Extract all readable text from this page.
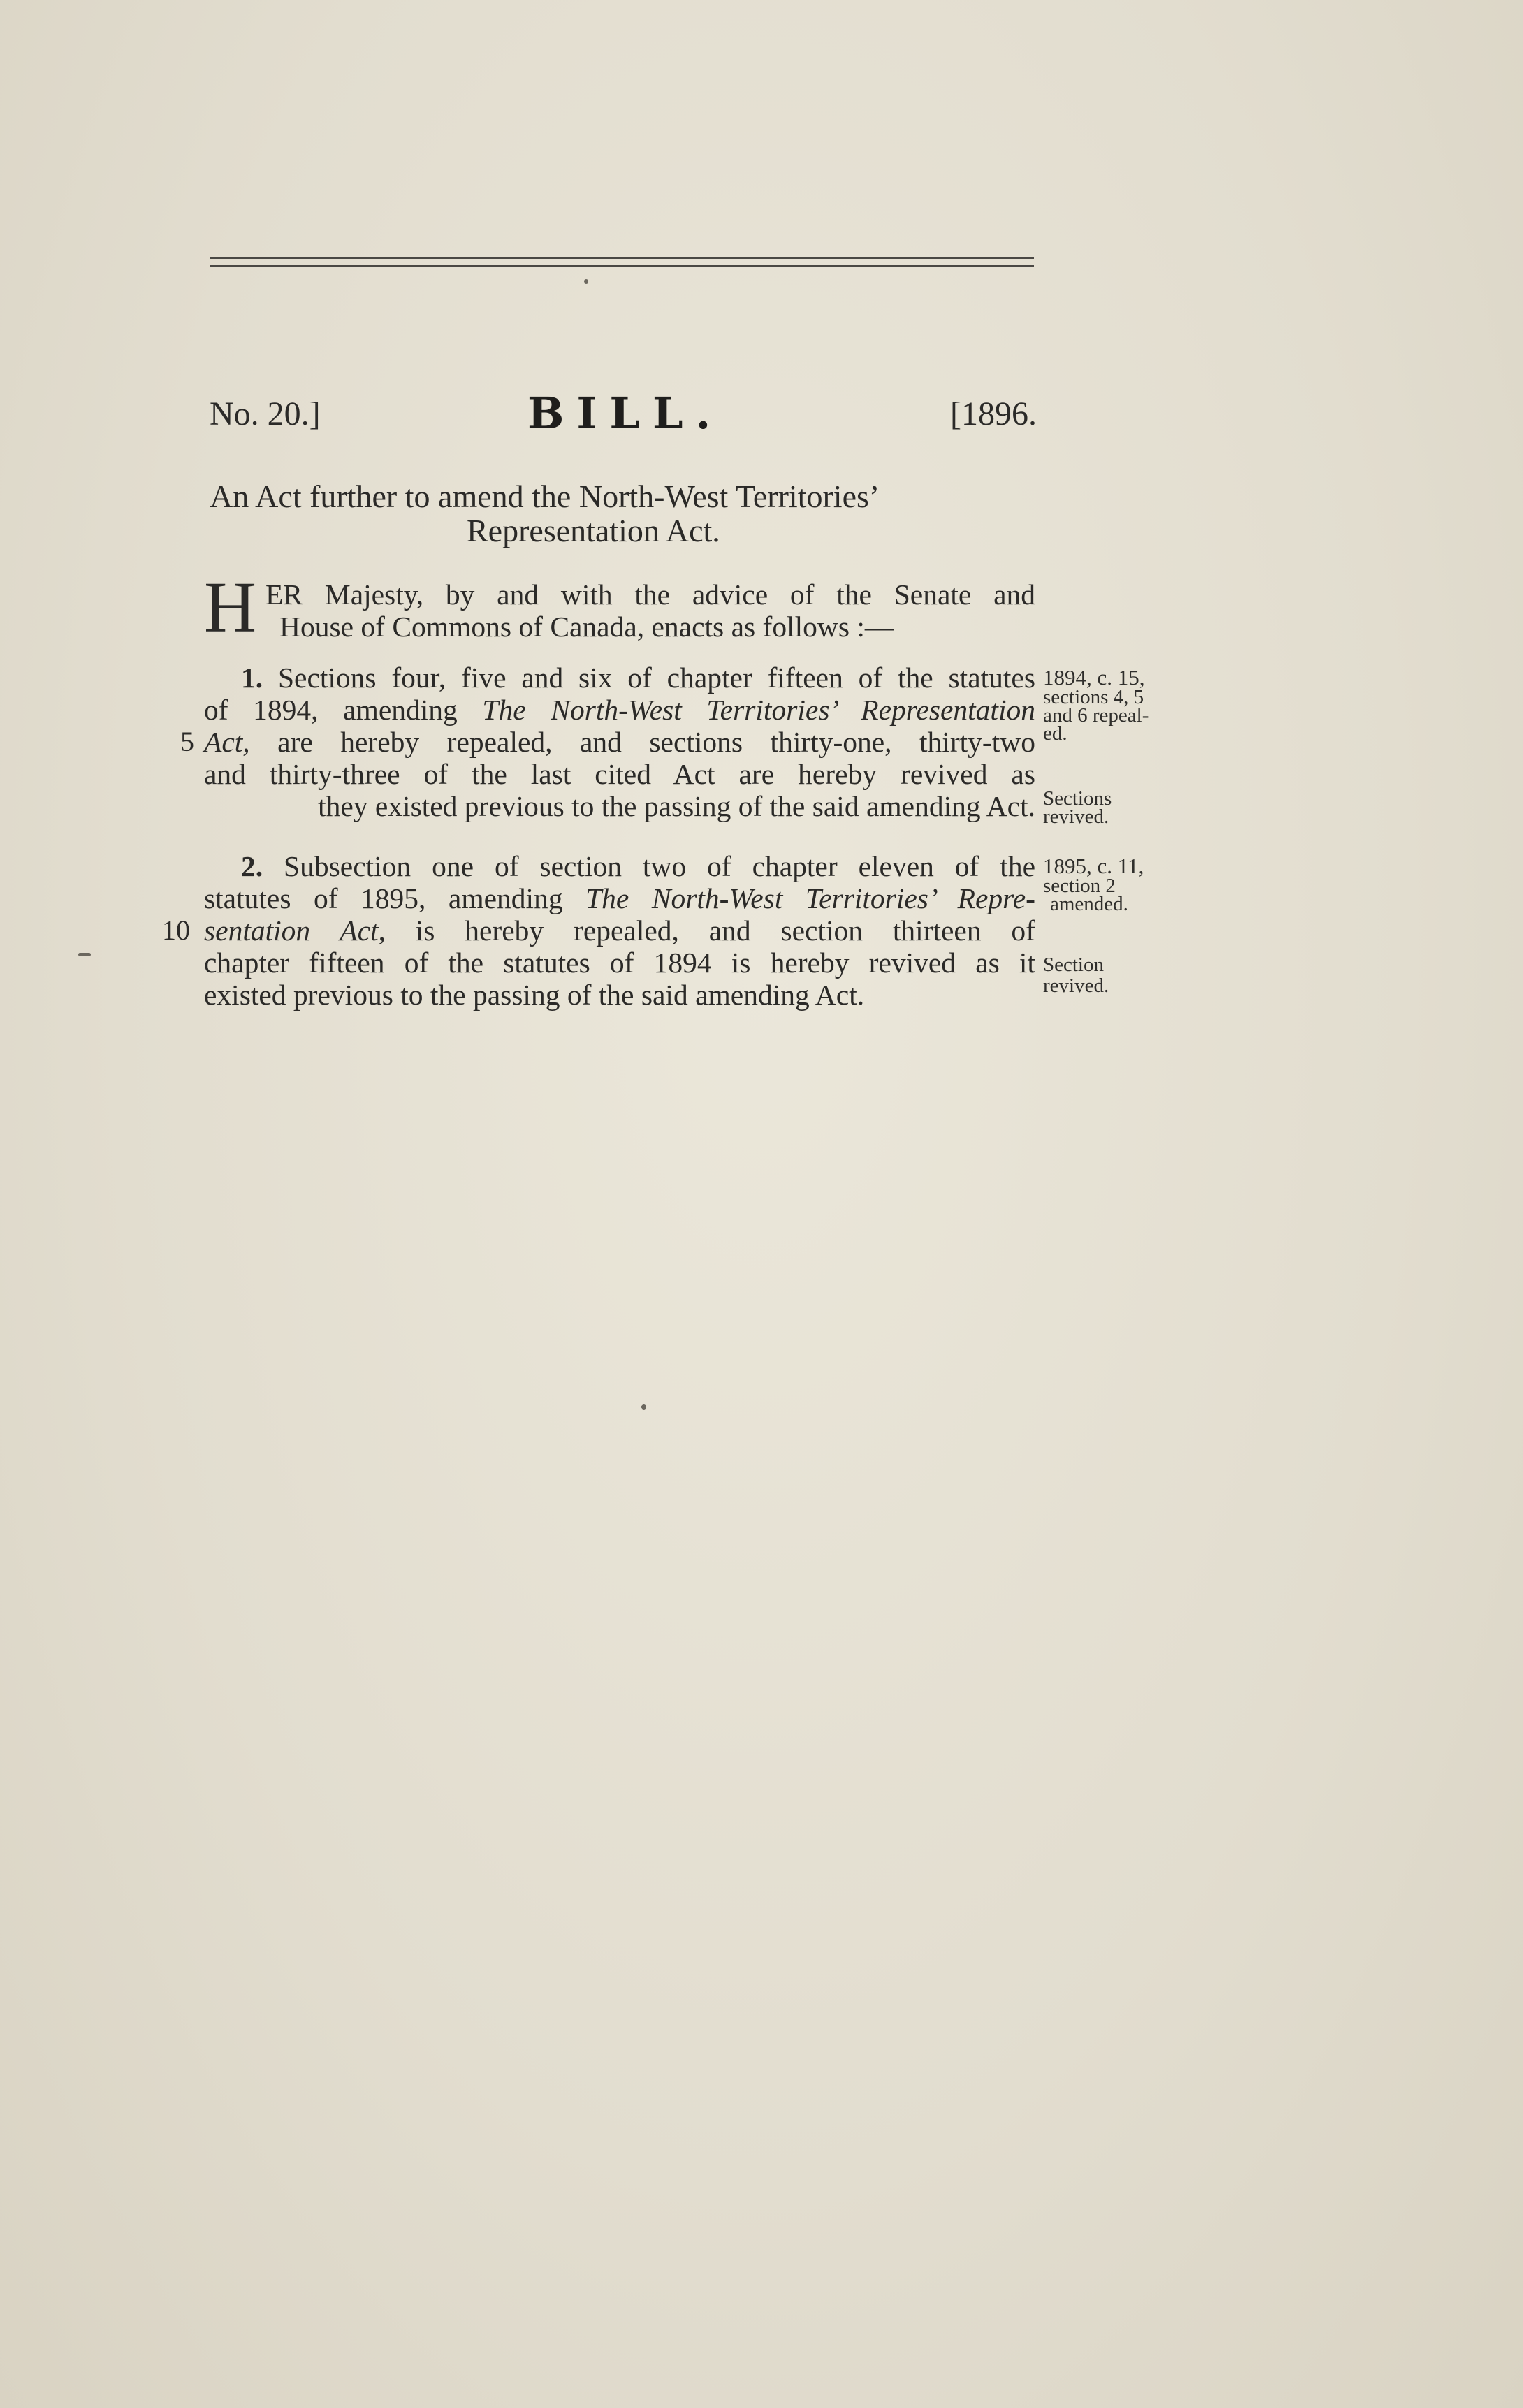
No. 20.]	BILL.	[1896.
An Act further to amend the North-West Territories’
Representation Act.
H ER Majesty, by and with the advice of the Senate and
House of Commons of Canada, enacts as follows :—
1. Sections four, five and six of chapter fifteen of the statutes
of 1894, amending The North-West Territories’ Representation
5 Act, are hereby repealed, and sections thirty-one, thirty-two
and thirty-three of the last cited Act are hereby revived as
they existed previous to the passing of the said amending Act.
1894, c. 15,
sections 4, 5
and 6 repeal-
ed.
Sections
revived.
2. Subsection one of section two of chapter eleven of the
statutes of 1895, amending The North-West Territories’ Repre-
10 sentation Act, is hereby repealed, and section thirteen of
chapter fifteen of the statutes of 1894 is hereby revived as it
existed previous to the passing of the said amending Act.
1895, c. 11,
section 2
amended.
Section
revived.
